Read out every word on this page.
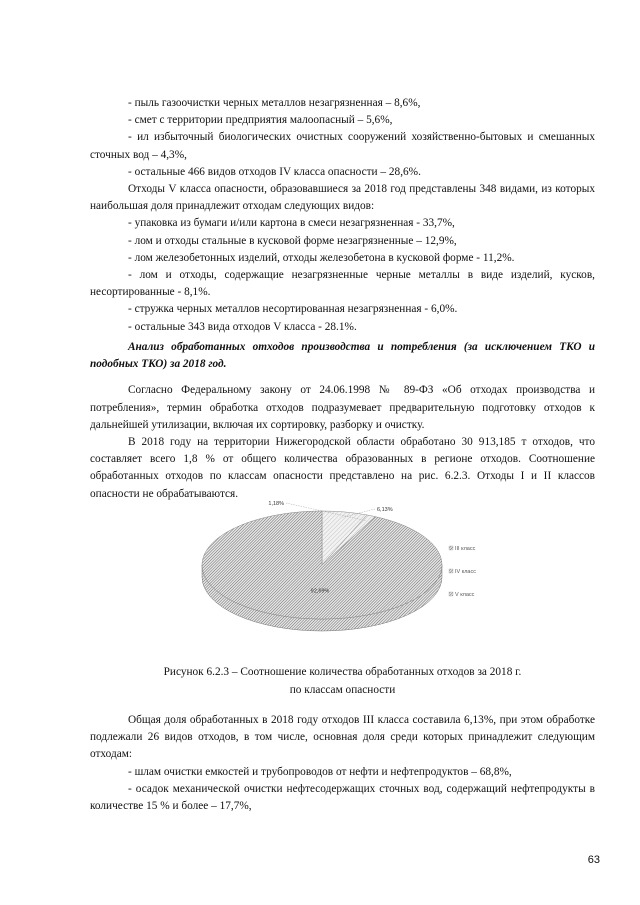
- пыль газоочистки черных металлов незагрязненная – 8,6%,

- смет с территории предприятия малоопасный – 5,6%,

- ил избыточный биологических очистных сооружений хозяйственно-бытовых и смешанных сточных вод – 4,3%,

- остальные 466 видов отходов IV класса опасности – 28,6%.

Отходы V класса опасности, образовавшиеся за 2018 год представлены 348 видами, из которых наибольшая доля принадлежит отходам следующих видов:

- упаковка из бумаги и/или картона в смеси незагрязненная - 33,7%,

- лом и отходы стальные в кусковой форме незагрязненные – 12,9%,

- лом железобетонных изделий, отходы железобетона в кусковой форме - 11,2%.

- лом и отходы, содержащие незагрязненные черные металлы в виде изделий, кусков, несортированные - 8,1%.

- стружка черных металлов несортированная незагрязненная - 6,0%.

- остальные 343 вида отходов V класса - 28.1%.

Анализ обработанных отходов производства и потребления (за исключением ТКО и подобных ТКО) за 2018 год.

Согласно Федеральному закону от 24.06.1998 № 89-ФЗ «Об отходах производства и потребления», термин обработка отходов подразумевает предварительную подготовку отходов к дальнейшей утилизации, включая их сортировку, разборку и очистку.

В 2018 году на территории Нижегородской области обработано 30 913,185 т отходов, что составляет всего 1,8 % от общего количества образованных в регионе отходов. Соотношение обработанных отходов по классам опасности представлено на рис. 6.2.3. Отходы I и II классов опасности не обрабатываются.

6,13%
1,18%
92,69%
III класс
IV класс
V класс
Рисунок 6.2.3 – Соотношение количества обработанных отходов за 2018 г.
по классам опасности

Общая доля обработанных в 2018 году отходов III класса составила 6,13%, при этом обработке подлежали 26 видов отходов, в том числе, основная доля среди которых принадлежит следующим отходам:

- шлам очистки емкостей и трубопроводов от нефти и нефтепродуктов – 68,8%,

- осадок механической очистки нефтесодержащих сточных вод, содержащий нефтепродукты в количестве 15 % и более – 17,7%,

63
